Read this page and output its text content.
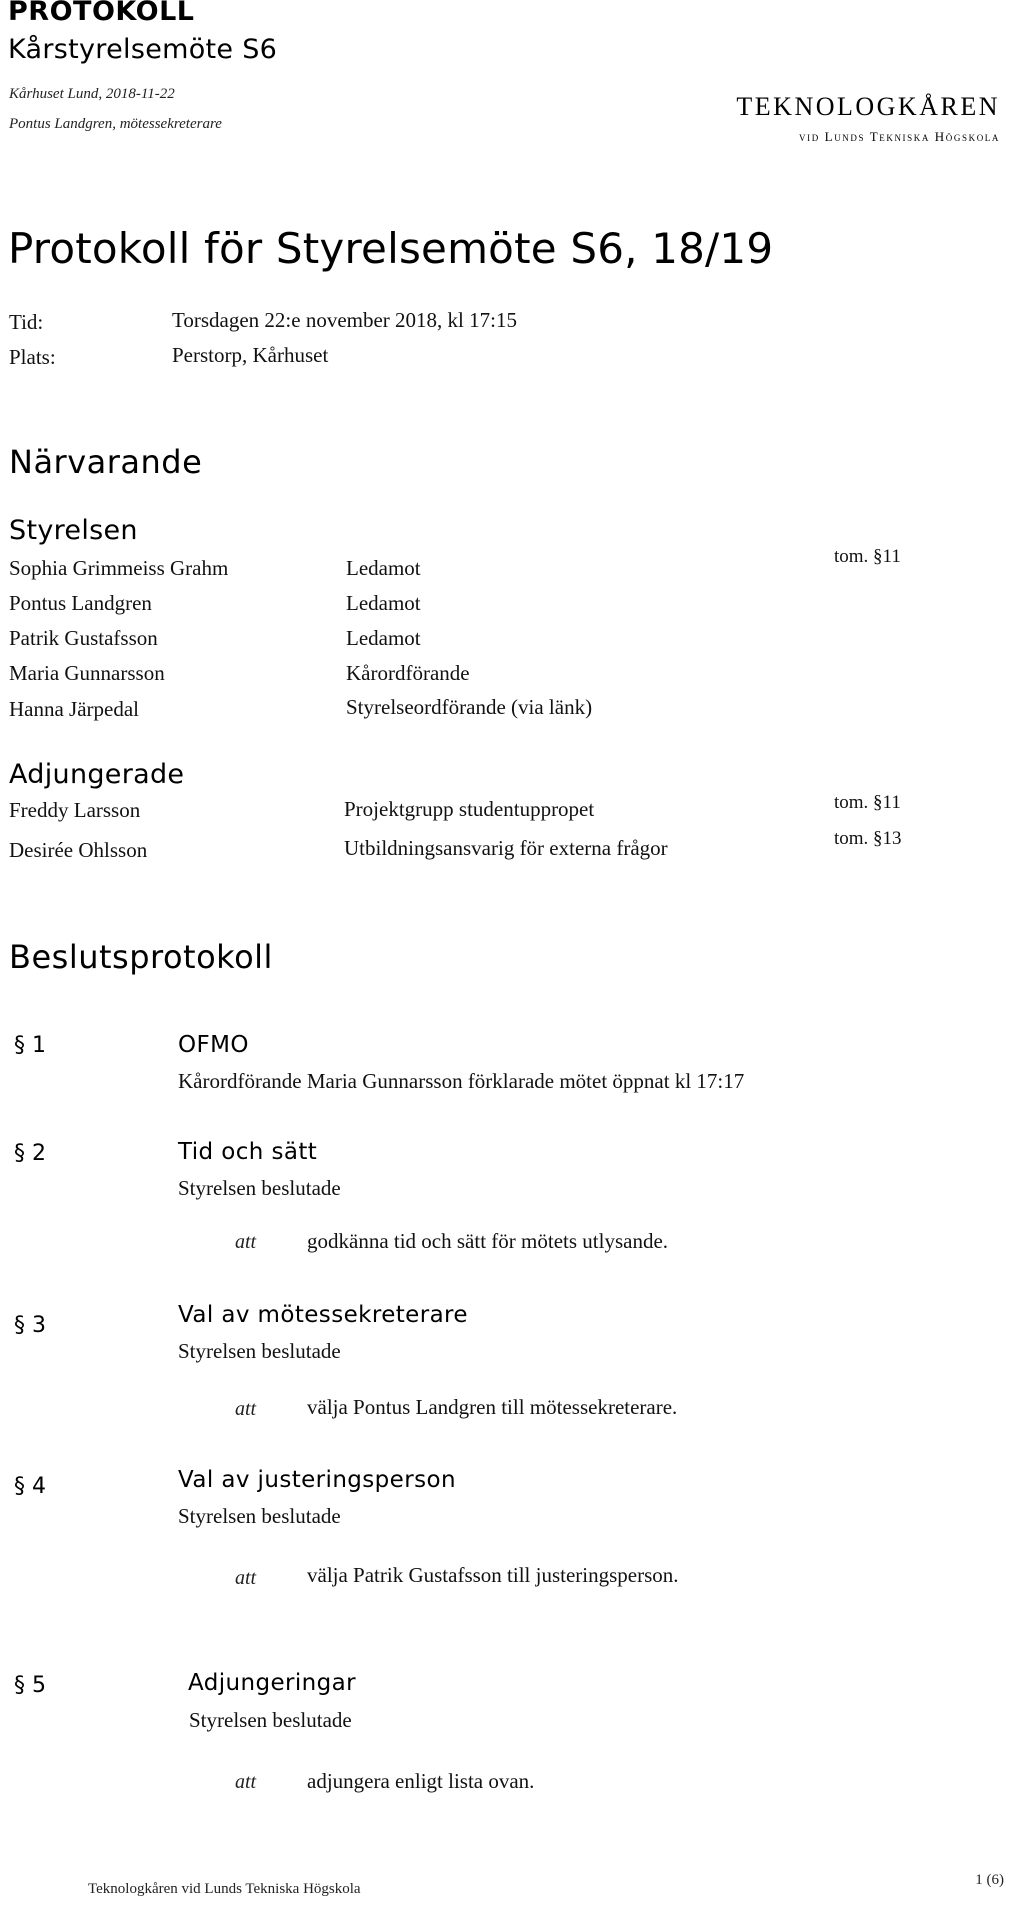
PROTOKOLL
Kårstyrelsemöte S6
Kårhuset Lund, 2018-11-22
Pontus Landgren, mötessekreterare
TEKNOLOGKÅREN
vid Lunds Tekniska Högskola
Protokoll för Styrelsemöte S6, 18/19
Tid:	Torsdagen 22:e november 2018, kl 17:15
Plats:	Perstorp, Kårhuset
Närvarande
Styrelsen
Sophia Grimmeiss Grahm	Ledamot	tom. §11
Pontus Landgren	Ledamot
Patrik Gustafsson	Ledamot
Maria Gunnarsson	Kårordförande
Hanna Järpedal	Styrelseordförande (via länk)
Adjungerade
Freddy Larsson	Projektgrupp studentuppropet	tom. §11
Desirée Ohlsson	Utbildningsansvarig för externa frågor	tom. §13
Beslutsprotokoll
§ 1	OFMO
Kårordförande Maria Gunnarsson förklarade mötet öppnat kl 17:17
§ 2	Tid och sätt
Styrelsen beslutade
att godkänna tid och sätt för mötets utlysande.
§ 3	Val av mötessekreterare
Styrelsen beslutade
att välja Pontus Landgren till mötessekreterare.
§ 4	Val av justeringsperson
Styrelsen beslutade
att välja Patrik Gustafsson till justeringsperson.
§ 5	Adjungeringar
Styrelsen beslutade
att adjungera enligt lista ovan.
Teknologkåren vid Lunds Tekniska Högskola
1 (6)
